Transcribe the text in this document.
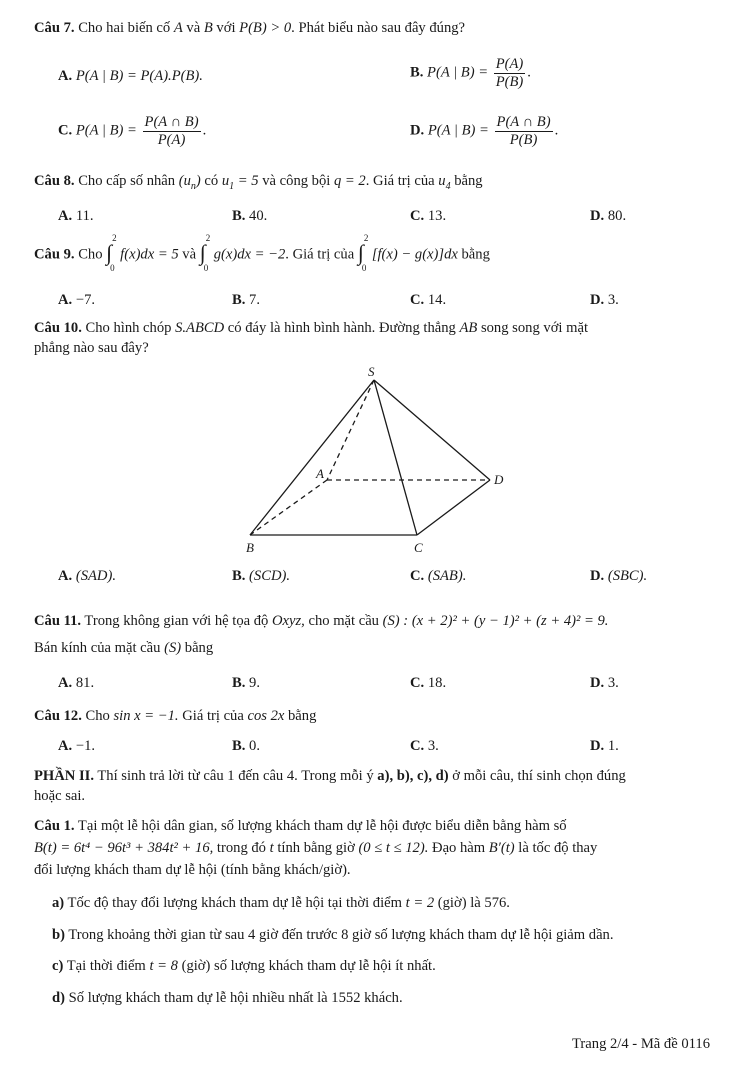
Câu 7. Cho hai biến cố A và B với P(B) > 0. Phát biểu nào sau đây đúng?
A. P(A | B) = P(A).P(B).	B. P(A | $B) = \frac{P(A)}{P(B)}$ .
C. P(A | $B) = \frac{P(A \cap B)}{P(A)}$ .	D. P(A | $B) = \frac{P(A \cap B)}{P(B)}$ .
Câu 8. Cho cấp số nhân $(u_n)$ có $u_1 = 5$ và công bội q = 2. Giá trị của $u_4$ bằng
A. 11.	B. 40.	C. 13.	D. 80.
Câu 9. Cho ∫
2
0
f(x)dx = 5 và ∫
2
0
g(x)dx = −2. Giá trị của ∫
2
0
[f(x) − g(x)]dx bằng
A. −7.	B. 7.	C. 14.	D. 3.
Câu 10. Cho hình chóp S.ABCD có đáy là hình bình hành. Đường thẳng AB song song với mặt
phẳng nào sau đây?
S
A	D
B	C
A. (SAD).	B. (SCD).	C. (SAB).	D. (SBC).
Câu 11. Trong không gian với hệ tọa độ Oxyz, cho mặt cầu (S) : (x + 2)² + (y − 1)² + (z + 4)² = 9.
Bán kính của mặt cầu (S) bằng
A. 81.	B. 9.	C. 18.	D. 3.
Câu 12. Cho sin x = −1. Giá trị của cos 2x bằng
A. −1.	B. 0.	C. 3.	D. 1.
PHẦN II. Thí sinh trả lời từ câu 1 đến câu 4. Trong mỗi ý a), b), c), d) ở mỗi câu, thí sinh chọn đúng
hoặc sai.
Câu 1. Tại một lễ hội dân gian, số lượng khách tham dự lễ hội được biểu diễn bằng hàm số
B(t) = 6t⁴ − 96t³ + 384t² + 16, trong đó t tính bằng giờ (0 ≤ t ≤ 12). Đạo hàm B′(t) là tốc độ thay
đổi lượng khách tham dự lễ hội (tính bằng khách/giờ).
a) Tốc độ thay đổi lượng khách tham dự lễ hội tại thời điểm t = 2 (giờ) là 576.
b) Trong khoảng thời gian từ sau 4 giờ đến trước 8 giờ số lượng khách tham dự lễ hội giảm dần.
c) Tại thời điểm t = 8 (giờ) số lượng khách tham dự lễ hội ít nhất.
d) Số lượng khách tham dự lễ hội nhiều nhất là 1552 khách.
Trang 2/4 - Mã đề 0116
